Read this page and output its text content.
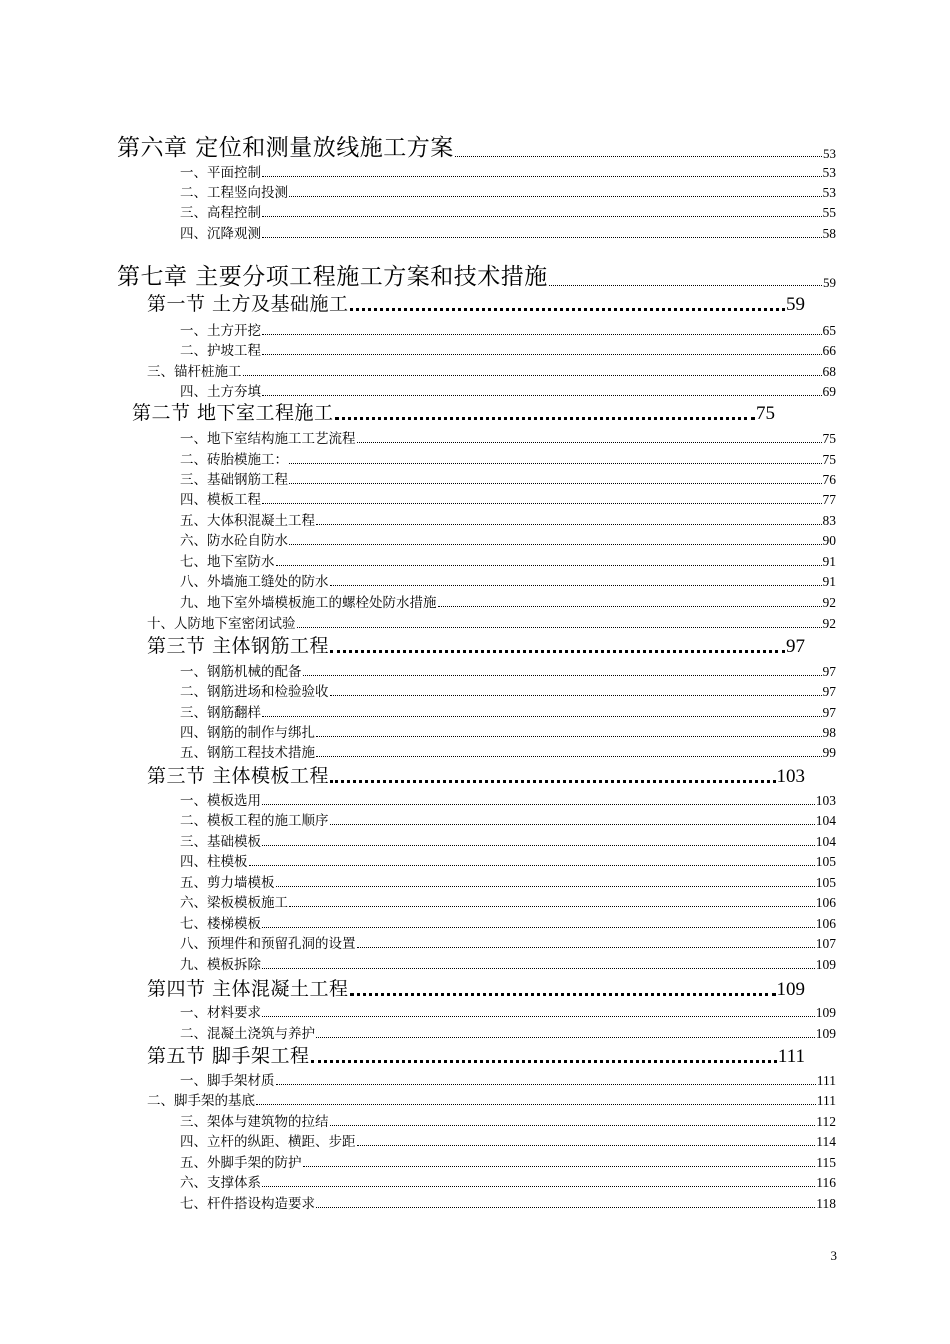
第六章 定位和测量放线施工方案	53
一、平面控制	53
二、工程竖向投测	53
三、高程控制	55
四、沉降观测	58
第七章 主要分项工程施工方案和技术措施	59
第一节 土方及基础施工	59
一、土方开挖	65
二、护坡工程	66
三、锚杆桩施工	68
四、土方夯填	69
第二节 地下室工程施工	75
一、地下室结构施工工艺流程	75
二、砖胎模施工：	75
三、基础钢筋工程	76
四、模板工程	77
五、大体积混凝土工程	83
六、防水砼自防水	90
七、地下室防水	91
八、外墙施工缝处的防水	91
九、地下室外墙模板施工的螺栓处防水措施	92
十、人防地下室密闭试验	92
第三节 主体钢筋工程	97
一、钢筋机械的配备	97
二、钢筋进场和检验验收	97
三、钢筋翻样	97
四、钢筋的制作与绑扎	98
五、钢筋工程技术措施	99
第三节 主体模板工程	103
一、模板选用	103
二、模板工程的施工顺序	104
三、基础模板	104
四、柱模板	105
五、剪力墙模板	105
六、梁板模板施工	106
七、楼梯模板	106
八、预埋件和预留孔洞的设置	107
九、模板拆除	109
第四节 主体混凝土工程	109
一、材料要求	109
二、混凝土浇筑与养护	109
第五节 脚手架工程	111
一、脚手架材质	111
二、脚手架的基底	111
三、架体与建筑物的拉结	112
四、立杆的纵距、横距、步距	114
五、外脚手架的防护	115
六、支撑体系	116
七、杆件搭设构造要求	118
3
